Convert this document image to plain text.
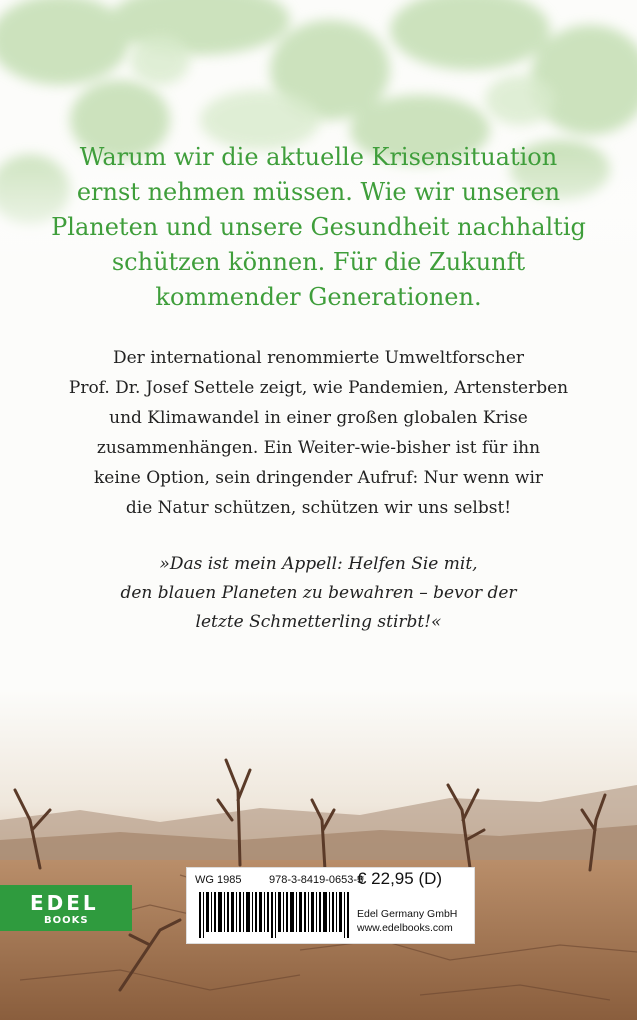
Warum wir die aktuelle Krisensituation
ernst nehmen müssen. Wie wir unseren
Planeten und unsere Gesundheit nachhaltig
schützen können. Für die Zukunft
kommender Generationen.

Der international renommierte Umweltforscher
Prof. Dr. Josef Settele zeigt, wie Pandemien, Artensterben
und Klimawandel in einer großen globalen Krise
zusammenhängen. Ein Weiter-wie-bisher ist für ihn
keine Option, sein dringender Aufruf: Nur wenn wir
die Natur schützen, schützen wir uns selbst!

»Das ist mein Appell: Helfen Sie mit,
den blauen Planeten zu bewahren – bevor der
letzte Schmetterling stirbt!«

EDEL
BOOKS
WG 1985	978-3-8419-0653-3
€ 22,95 (D)
Edel Germany GmbH
www.edelbooks.com
